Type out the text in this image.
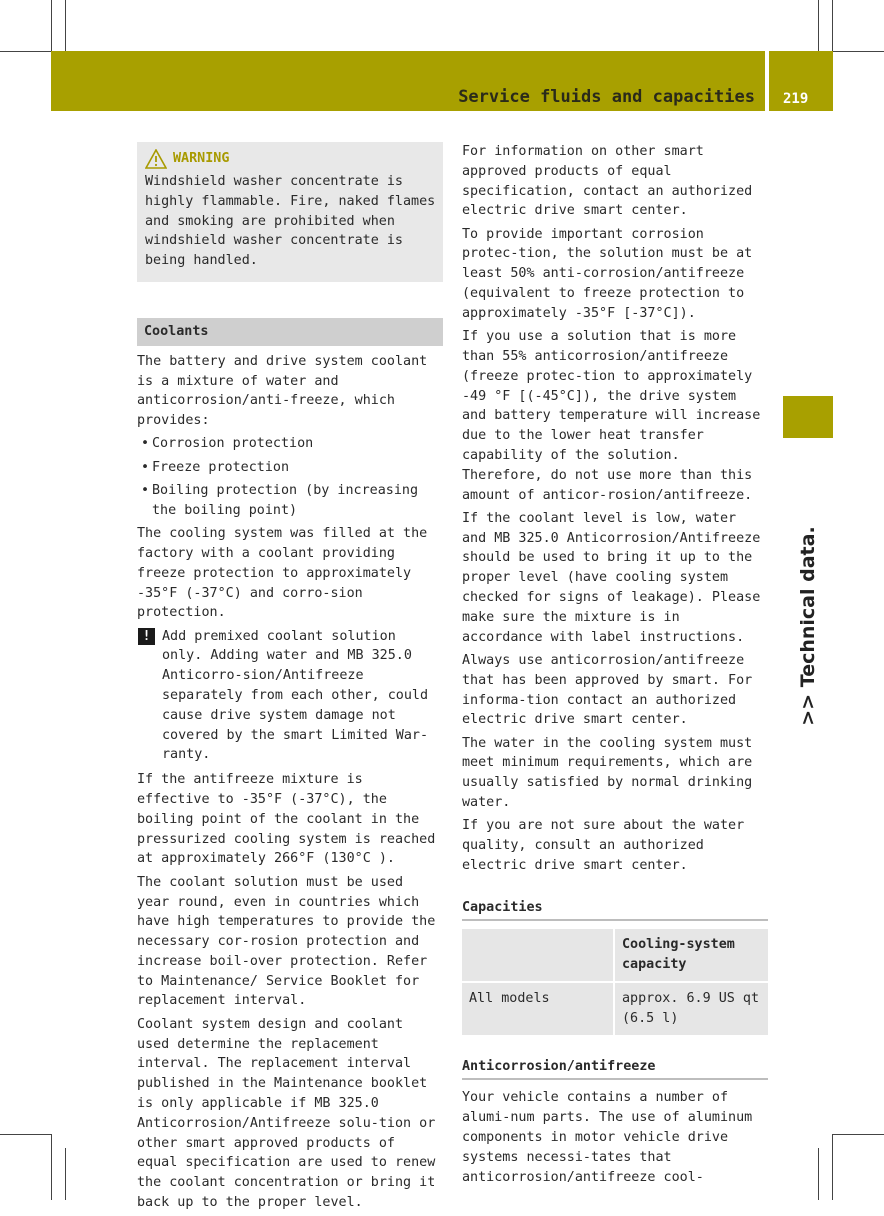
Service fluids and capacities 219
>> Technical data.
WARNING
Windshield washer concentrate is highly flammable. Fire, naked flames and smoking are prohibited when windshield washer concentrate is being handled.
Coolants

The battery and drive system coolant is a mixture of water and anticorrosion/anti-freeze, which provides:

• Corrosion protection
• Freeze protection
• Boiling protection (by increasing the boiling point)

The cooling system was filled at the factory with a coolant providing freeze protection to approximately -35°F (-37°C) and corro-sion protection.

! Add premixed coolant solution only. Adding water and MB 325.0 Anticorro-sion/Antifreeze separately from each other, could cause drive system damage not covered by the smart Limited War-ranty.

If the antifreeze mixture is effective to -35°F (-37°C), the boiling point of the coolant in the pressurized cooling system is reached at approximately 266°F (130°C ).

The coolant solution must be used year round, even in countries which have high temperatures to provide the necessary cor-rosion protection and increase boil-over protection. Refer to Maintenance/ Service Booklet for replacement interval.

Coolant system design and coolant used determine the replacement interval. The replacement interval published in the Maintenance booklet is only applicable if MB 325.0 Anticorrosion/Antifreeze solu-tion or other smart approved products of equal specification are used to renew the coolant concentration or bring it back up to the proper level.

For information on other smart approved products of equal specification, contact an authorized electric drive smart center.

To provide important corrosion protec-tion, the solution must be at least 50% anti-corrosion/antifreeze (equivalent to freeze protection to approximately -35°F [-37°C]).

If you use a solution that is more than 55% anticorrosion/antifreeze (freeze protec-tion to approximately -49 °F [(-45°C]), the drive system and battery temperature will increase due to the lower heat transfer capability of the solution. Therefore, do not use more than this amount of anticor-rosion/antifreeze.

If the coolant level is low, water and MB 325.0 Anticorrosion/Antifreeze should be used to bring it up to the proper level (have cooling system checked for signs of leakage). Please make sure the mixture is in accordance with label instructions.

Always use anticorrosion/antifreeze that has been approved by smart. For informa-tion contact an authorized electric drive smart center.

The water in the cooling system must meet minimum requirements, which are usually satisfied by normal drinking water.

If you are not sure about the water quality, consult an authorized electric drive smart center.

Capacities
	Cooling-system capacity
All models	approx. 6.9 US qt (6.5 l)
Anticorrosion/antifreeze

Your vehicle contains a number of alumi-num parts. The use of aluminum components in motor vehicle drive systems necessi-tates that anticorrosion/antifreeze cool-
